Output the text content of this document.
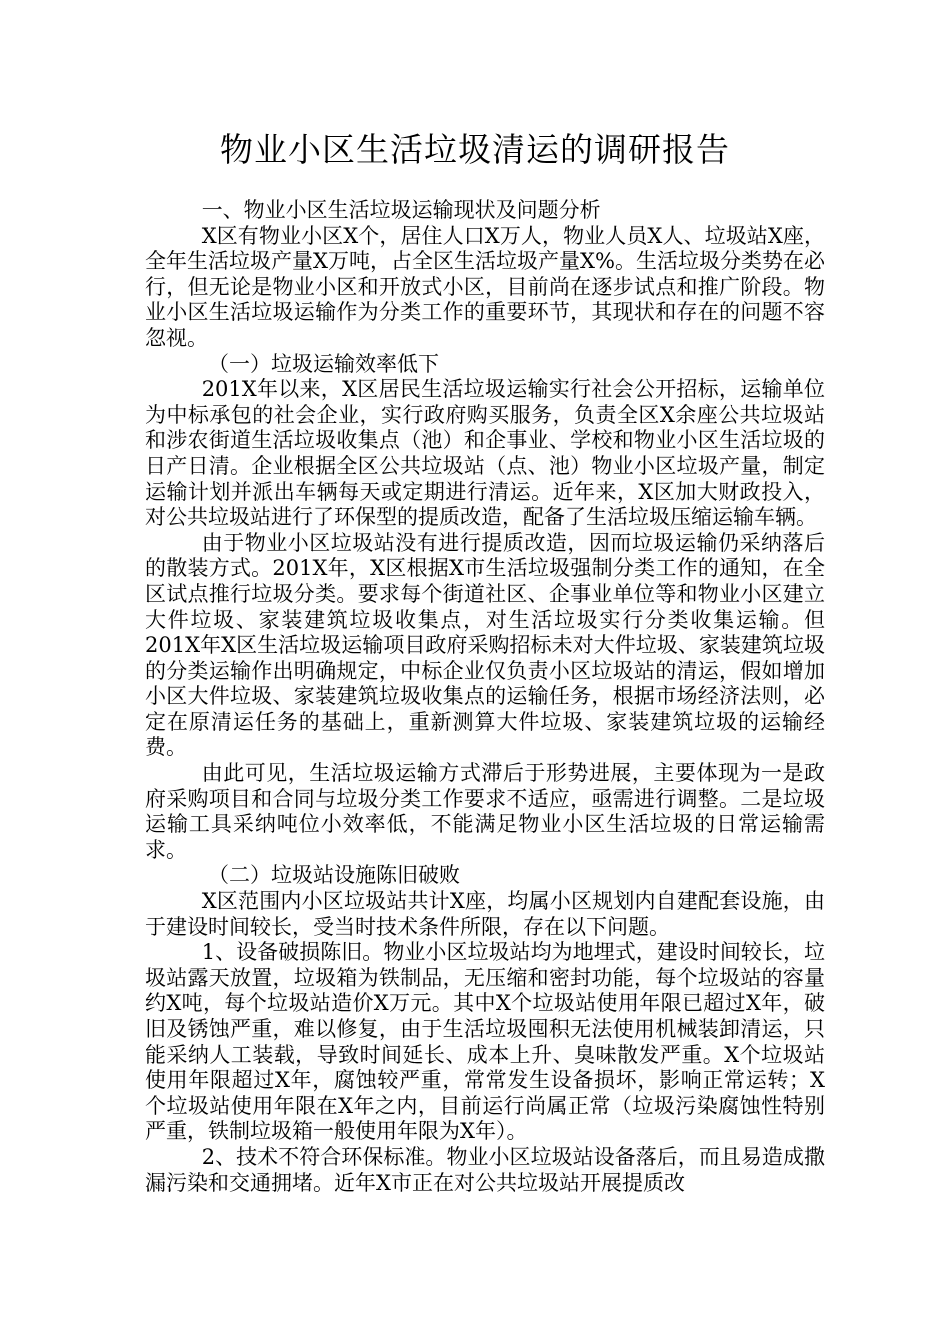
物业小区生活垃圾清运的调研报告

一、物业小区生活垃圾运输现状及问题分析

X区有物业小区X个，居住人口X万人，物业人员X人、垃圾站X座，全年生活垃圾产量X万吨，占全区生活垃圾产量X%。生活垃圾分类势在必行，但无论是物业小区和开放式小区，目前尚在逐步试点和推广阶段。物业小区生活垃圾运输作为分类工作的重要环节，其现状和存在的问题不容忽视。

（一）垃圾运输效率低下

201X年以来，X区居民生活垃圾运输实行社会公开招标，运输单位为中标承包的社会企业，实行政府购买服务，负责全区X余座公共垃圾站和涉农街道生活垃圾收集点（池）和企事业、学校和物业小区生活垃圾的日产日清。企业根据全区公共垃圾站（点、池）物业小区垃圾产量，制定运输计划并派出车辆每天或定期进行清运。近年来，X区加大财政投入，对公共垃圾站进行了环保型的提质改造，配备了生活垃圾压缩运输车辆。

由于物业小区垃圾站没有进行提质改造，因而垃圾运输仍采纳落后的散装方式。201X年，X区根据X市生活垃圾强制分类工作的通知，在全区试点推行垃圾分类。要求每个街道社区、企事业单位等和物业小区建立大件垃圾、家装建筑垃圾收集点，对生活垃圾实行分类收集运输。但201X年X区生活垃圾运输项目政府采购招标未对大件垃圾、家装建筑垃圾的分类运输作出明确规定，中标企业仅负责小区垃圾站的清运，假如增加小区大件垃圾、家装建筑垃圾收集点的运输任务，根据市场经济法则，必定在原清运任务的基础上，重新测算大件垃圾、家装建筑垃圾的运输经费。

由此可见，生活垃圾运输方式滞后于形势进展，主要体现为一是政府采购项目和合同与垃圾分类工作要求不适应，亟需进行调整。二是垃圾运输工具采纳吨位小效率低，不能满足物业小区生活垃圾的日常运输需求。

（二）垃圾站设施陈旧破败

X区范围内小区垃圾站共计X座，均属小区规划内自建配套设施，由于建设时间较长，受当时技术条件所限，存在以下问题。

1、设备破损陈旧。物业小区垃圾站均为地埋式，建设时间较长，垃圾站露天放置，垃圾箱为铁制品，无压缩和密封功能，每个垃圾站的容量约X吨，每个垃圾站造价X万元。其中X个垃圾站使用年限已超过X年，破旧及锈蚀严重，难以修复，由于生活垃圾囤积无法使用机械装卸清运，只能采纳人工装载，导致时间延长、成本上升、臭味散发严重。X个垃圾站使用年限超过X年，腐蚀较严重，常常发生设备损坏，影响正常运转；X个垃圾站使用年限在X年之内，目前运行尚属正常（垃圾污染腐蚀性特别严重，铁制垃圾箱一般使用年限为X年）。

2、技术不符合环保标准。物业小区垃圾站设备落后，而且易造成撒漏污染和交通拥堵。近年X市正在对公共垃圾站开展提质改
